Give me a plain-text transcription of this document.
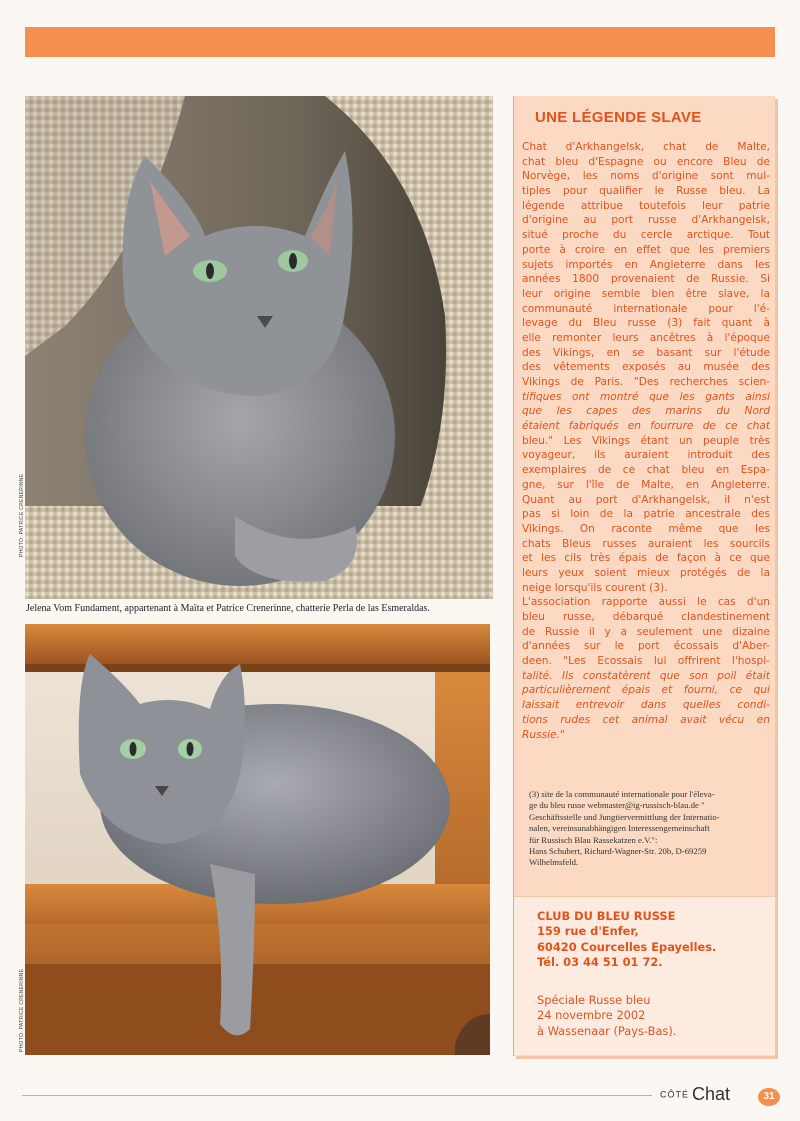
PHOTO: PATRICE CRENERINNE
Jelena Vom Fundament, appartenant à Maïta et Patrice Crenerinne, chatterie Perla de las Esmeraldas.
PHOTO: PATRICE CRENERINNE
UNE LÉGENDE SLAVE
Chat d'Arkhangelsk, chat de Malte,
chat bleu d'Espagne ou encore Bleu de
Norvège, les noms d'origine sont mul-
tiples pour qualifier le Russe bleu. La
légende attribue toutefois leur patrie
d'origine au port russe d'Arkhangelsk,
situé proche du cercle arctique. Tout
porte à croire en effet que les premiers
sujets importés en Angleterre dans les
années 1800 provenaient de Russie. Si
leur origine semble bien être slave, la
communauté internationale pour l'é-
levage du Bleu russe (3) fait quant à
elle remonter leurs ancêtres à l'époque
des Vikings, en se basant sur l'étude
des vêtements exposés au musée des
Vikings de Paris. "Des recherches scien-
tifiques ont montré que les gants ainsi
que les capes des marins du Nord
étaient fabriqués en fourrure de ce chat
bleu." Les Vikings étant un peuple très
voyageur, ils auraient introduit des
exemplaires de ce chat bleu en Espa-
gne, sur l'île de Malte, en Angleterre.
Quant au port d'Arkhangelsk, il n'est
pas si loin de la patrie ancestrale des
Vikings. On raconte même que les
chats Bleus russes auraient les sourcils
et les cils très épais de façon à ce que
leurs yeux soient mieux protégés de la
neige lorsqu'ils courent (3).
L'association rapporte aussi le cas d'un
bleu russe, débarqué clandestinement
de Russie il y a seulement une dizaine
d'années sur le port écossais d'Aber-
deen. "Les Ecossais lui offrirent l'hospi-
talité. Ils constatèrent que son poil était
particulièrement épais et fourni, ce qui
laissait entrevoir dans quelles condi-
tions rudes cet animal avait vécu en
Russie."
(3) site de la communauté internationale pour l'éleva-
ge du bleu russe webmaster@ig-russisch-blau.de "
Geschäftsstelle und Jungtiervermittlung der Internatio-
nalen, vereinsunabhängigen Interessengemeinschaft
für Russisch Blau Rassekatzen e.V.":
Hans Schubert, Richard-Wagner-Str. 20b, D-69259
Wilhelmsfeld.
CLUB DU BLEU RUSSE
159 rue d'Enfer,
60420 Courcelles Epayelles.
Tél. 03 44 51 01 72.
Spéciale Russe bleu
24 novembre 2002
à Wassenaar (Pays-Bas).
CÔTÉ Chat	31
